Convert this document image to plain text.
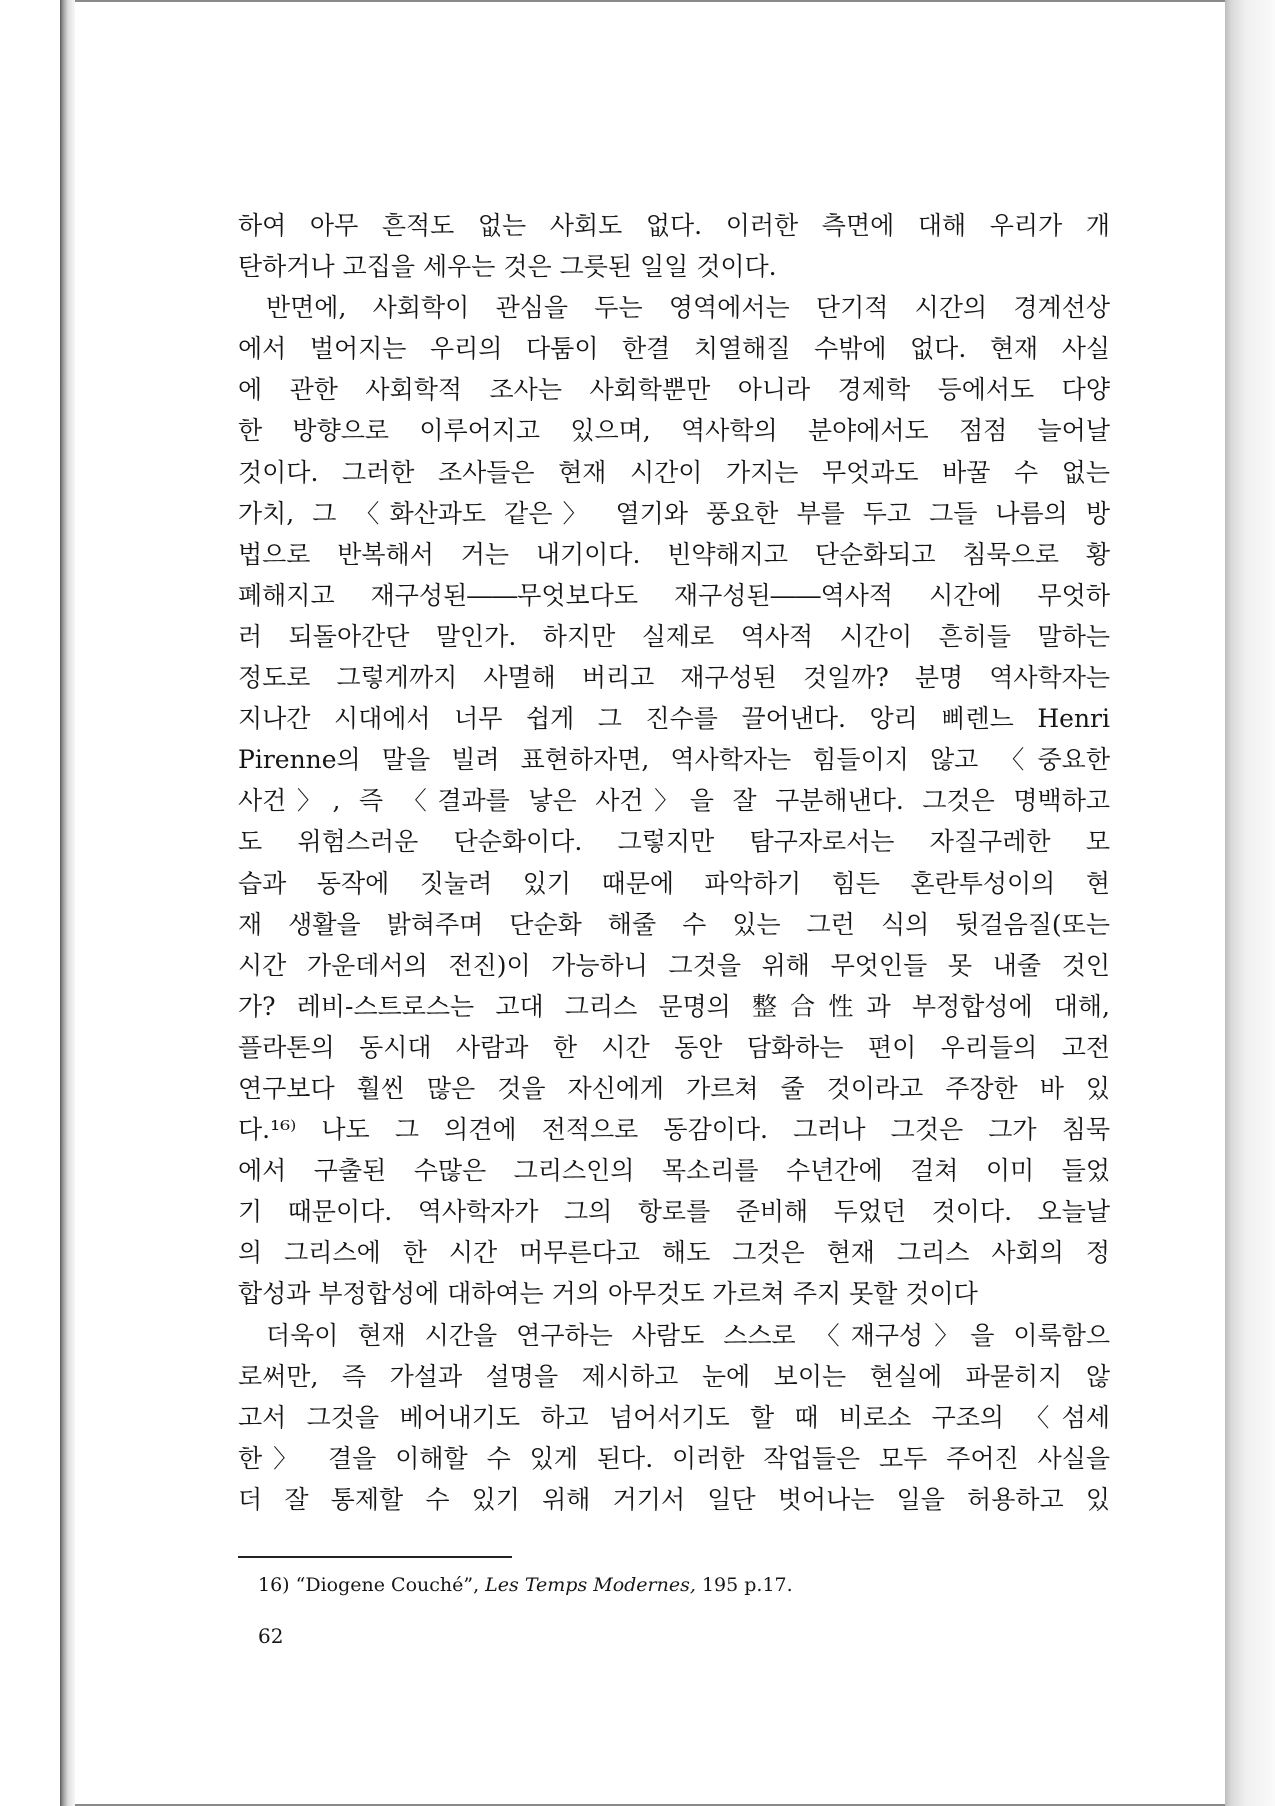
하여 아무 흔적도 없는 사회도 없다. 이러한 측면에 대해 우리가 개
탄하거나 고집을 세우는 것은 그릇된 일일 것이다.
반면에, 사회학이 관심을 두는 영역에서는 단기적 시간의 경계선상
에서 벌어지는 우리의 다툼이 한결 치열해질 수밖에 없다. 현재 사실
에 관한 사회학적 조사는 사회학뿐만 아니라 경제학 등에서도 다양
한 방향으로 이루어지고 있으며, 역사학의 분야에서도 점점 늘어날
것이다. 그러한 조사들은 현재 시간이 가지는 무엇과도 바꿀 수 없는
가치, 그 〈화산과도 같은〉 열기와 풍요한 부를 두고 그들 나름의 방
법으로 반복해서 거는 내기이다. 빈약해지고 단순화되고 침묵으로 황
폐해지고 재구성된――무엇보다도 재구성된――역사적 시간에 무엇하
러 되돌아간단 말인가. 하지만 실제로 역사적 시간이 흔히들 말하는
정도로 그렇게까지 사멸해 버리고 재구성된 것일까? 분명 역사학자는
지나간 시대에서 너무 쉽게 그 진수를 끌어낸다. 앙리 삐렌느 Henri
Pirenne의 말을 빌려 표현하자면, 역사학자는 힘들이지 않고 〈중요한
사건〉, 즉 〈결과를 낳은 사건〉을 잘 구분해낸다. 그것은 명백하고
도 위험스러운 단순화이다. 그렇지만 탐구자로서는 자질구레한 모
습과 동작에 짓눌려 있기 때문에 파악하기 힘든 혼란투성이의 현
재 생활을 밝혀주며 단순화 해줄 수 있는 그런 식의 뒷걸음질(또는
시간 가운데서의 전진)이 가능하니 그것을 위해 무엇인들 못 내줄 것인
가? 레비-스트로스는 고대 그리스 문명의 整合性과 부정합성에 대해,
플라톤의 동시대 사람과 한 시간 동안 담화하는 편이 우리들의 고전
연구보다 훨씬 많은 것을 자신에게 가르쳐 줄 것이라고 주장한 바 있
다.¹⁶⁾ 나도 그 의견에 전적으로 동감이다. 그러나 그것은 그가 침묵
에서 구출된 수많은 그리스인의 목소리를 수년간에 걸쳐 이미 들었
기 때문이다. 역사학자가 그의 항로를 준비해 두었던 것이다. 오늘날
의 그리스에 한 시간 머무른다고 해도 그것은 현재 그리스 사회의 정
합성과 부정합성에 대하여는 거의 아무것도 가르쳐 주지 못할 것이다
더욱이 현재 시간을 연구하는 사람도 스스로 〈재구성〉을 이룩함으
로써만, 즉 가설과 설명을 제시하고 눈에 보이는 현실에 파묻히지 않
고서 그것을 베어내기도 하고 넘어서기도 할 때 비로소 구조의 〈섬세
한〉 결을 이해할 수 있게 된다. 이러한 작업들은 모두 주어진 사실을
더 잘 통제할 수 있기 위해 거기서 일단 벗어나는 일을 허용하고 있
16) “Diogene Couché”, Les Temps Modernes, 195 p.17.
62
